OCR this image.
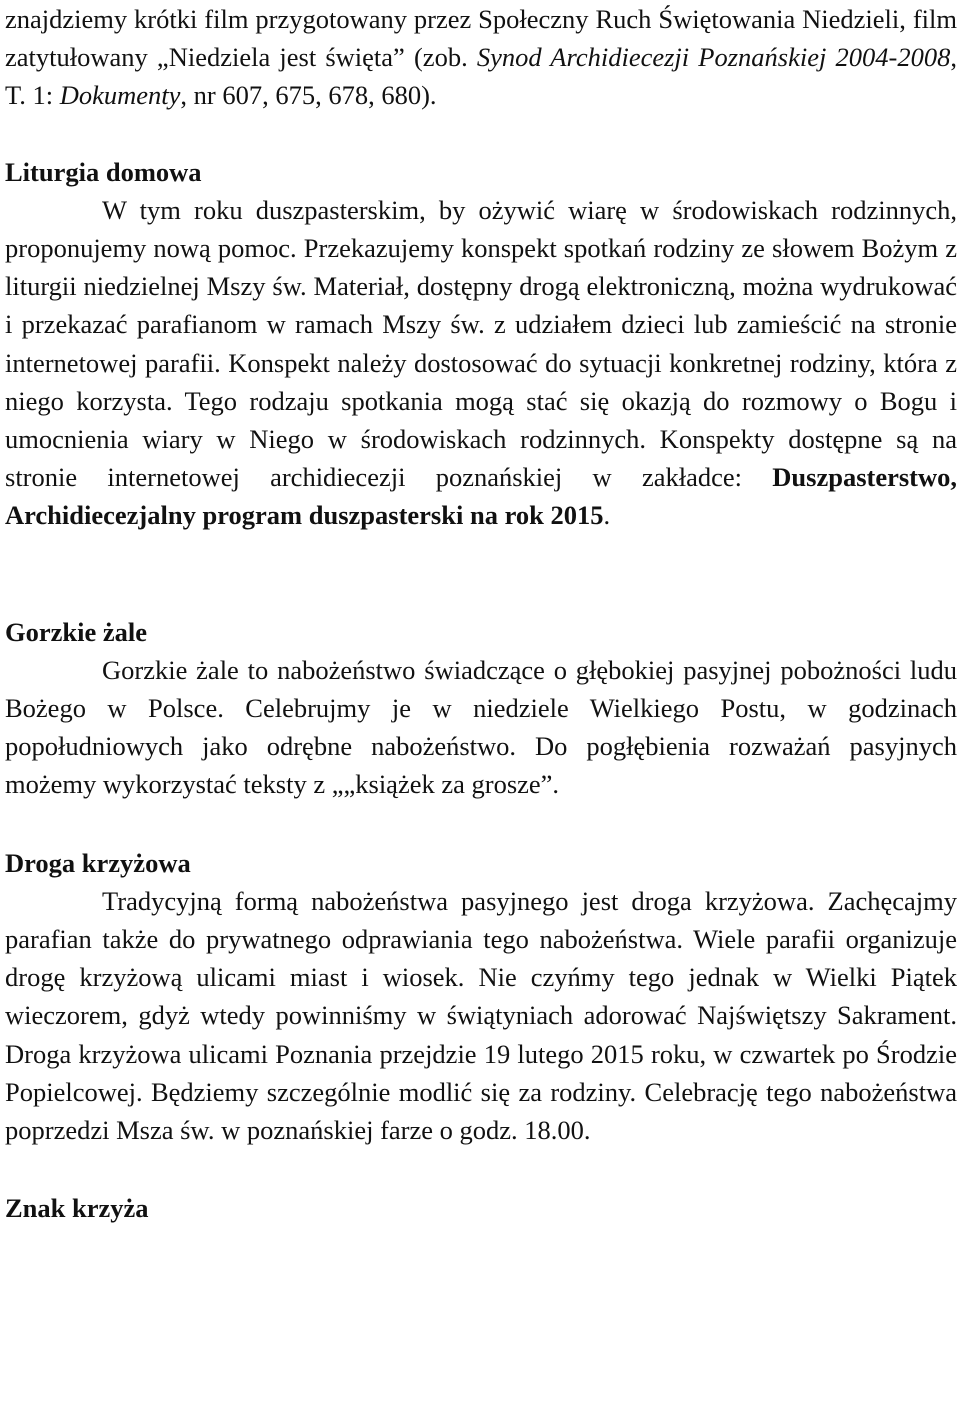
znajdziemy krótki film przygotowany przez Społeczny Ruch Świętowania Niedzieli, film zatytułowany „Niedziela jest święta” (zob. Synod Archidiecezji Poznańskiej 2004-2008, T. 1: Dokumenty, nr 607, 675, 678, 680).

Liturgia domowa

W tym roku duszpasterskim, by ożywić wiarę w środowiskach rodzinnych, proponujemy nową pomoc. Przekazujemy konspekt spotkań rodziny ze słowem Bożym z liturgii niedzielnej Mszy św. Materiał, dostępny drogą elektroniczną, można wydrukować i przekazać parafianom w ramach Mszy św. z udziałem dzieci lub zamieścić na stronie internetowej parafii. Konspekt należy dostosować do sytuacji konkretnej rodziny, która z niego korzysta. Tego rodzaju spotkania mogą stać się okazją do rozmowy o Bogu i umocnienia wiary w Niego w środowiskach rodzinnych. Konspekty dostępne są na stronie internetowej archidiecezji poznańskiej w zakładce: Duszpasterstwo, Archidiecezjalny program duszpasterski na rok 2015.

Gorzkie żale

Gorzkie żale to nabożeństwo świadczące o głębokiej pasyjnej pobożności ludu Bożego w Polsce. Celebrujmy je w niedziele Wielkiego Postu, w godzinach popołudniowych jako odrębne nabożeństwo. Do pogłębienia rozważań pasyjnych możemy wykorzystać teksty z „„książek za grosze”.

Droga krzyżowa

Tradycyjną formą nabożeństwa pasyjnego jest droga krzyżowa. Zachęcajmy parafian także do prywatnego odprawiania tego nabożeństwa. Wiele parafii organizuje drogę krzyżową ulicami miast i wiosek. Nie czyńmy tego jednak w Wielki Piątek wieczorem, gdyż wtedy powinniśmy w świątyniach adorować Najświętszy Sakrament. Droga krzyżowa ulicami Poznania przejdzie 19 lutego 2015 roku, w czwartek po Środzie Popielcowej. Będziemy szczególnie modlić się za rodziny. Celebrację tego nabożeństwa poprzedzi Msza św. w poznańskiej farze o godz. 18.00.

Znak krzyża
